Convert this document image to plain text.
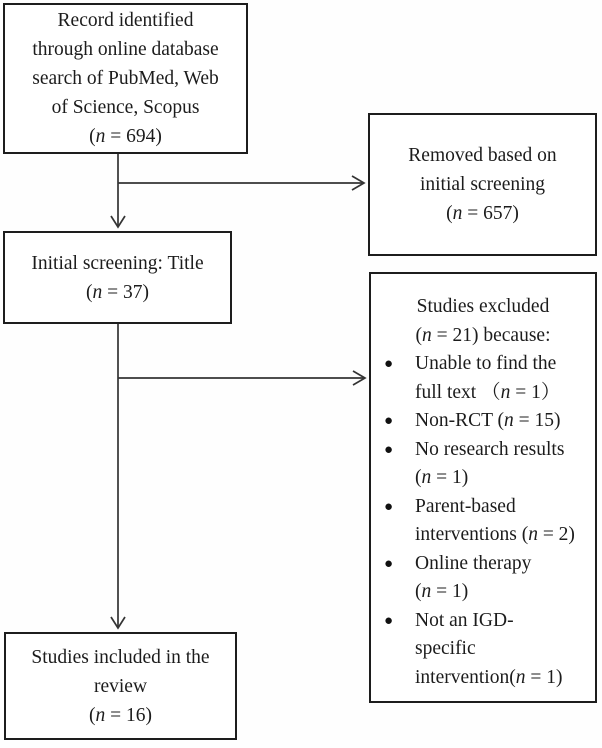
Record identified
through online database
search of PubMed, Web
of Science, Scopus
(n = 694)
Removed based on
initial screening
(n = 657)
Initial screening: Title
(n = 37)
Studies excluded
(n = 21) because:
●	Unable to find the
full text （n = 1）
●	Non-RCT (n = 15)
●	No research results
(n = 1)
●	Parent-based
interventions (n = 2)
●	Online therapy
(n = 1)
●	Not an IGD-
specific
intervention(n = 1)
Studies included in the
review
(n = 16)
